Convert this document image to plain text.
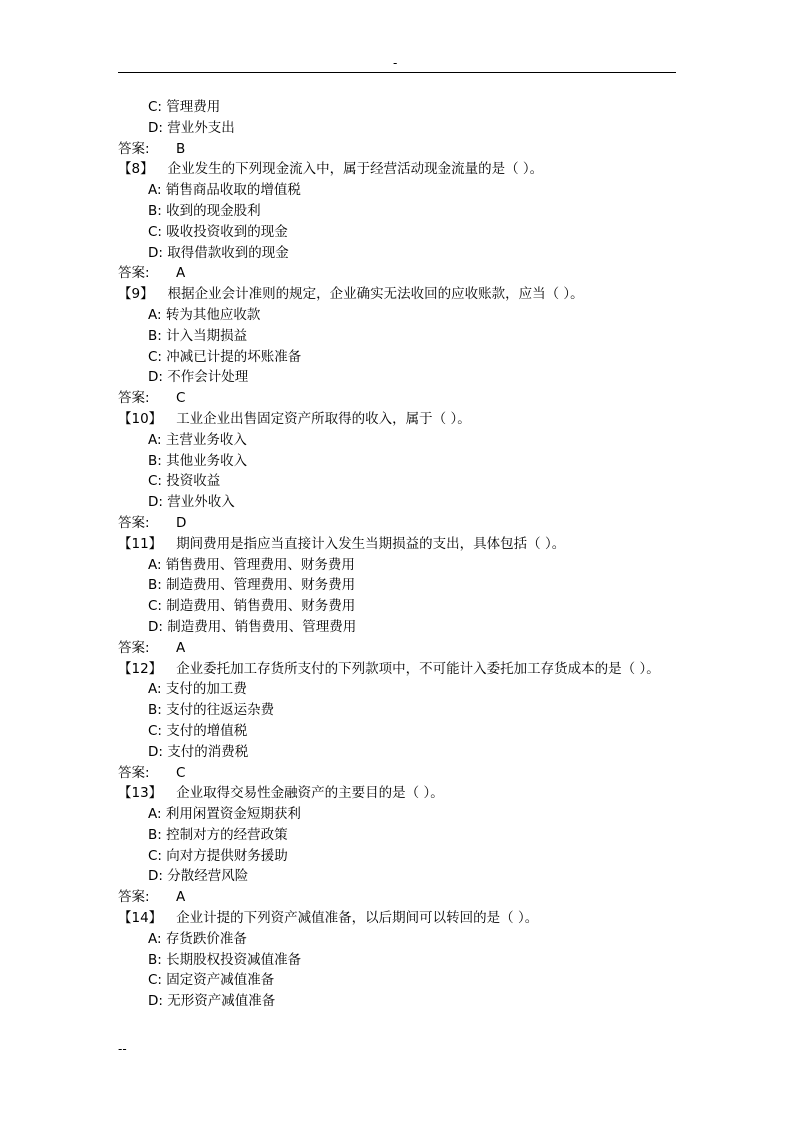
-
C: 管理费用
D: 营业外支出
答案: B
【8】 企业发生的下列现金流入中，属于经营活动现金流量的是（ ）。
A: 销售商品收取的增值税
B: 收到的现金股利
C: 吸收投资收到的现金
D: 取得借款收到的现金
答案: A
【9】 根据企业会计准则的规定，企业确实无法收回的应收账款，应当（ ）。
A: 转为其他应收款
B: 计入当期损益
C: 冲减已计提的坏账准备
D: 不作会计处理
答案: C
【10】 工业企业出售固定资产所取得的收入，属于（ ）。
A: 主营业务收入
B: 其他业务收入
C: 投资收益
D: 营业外收入
答案: D
【11】 期间费用是指应当直接计入发生当期损益的支出，具体包括（ ）。
A: 销售费用、管理费用、财务费用
B: 制造费用、管理费用、财务费用
C: 制造费用、销售费用、财务费用
D: 制造费用、销售费用、管理费用
答案: A
【12】 企业委托加工存货所支付的下列款项中，不可能计入委托加工存货成本的是（ ）。
A: 支付的加工费
B: 支付的往返运杂费
C: 支付的增值税
D: 支付的消费税
答案: C
【13】 企业取得交易性金融资产的主要目的是（ ）。
A: 利用闲置资金短期获利
B: 控制对方的经营政策
C: 向对方提供财务援助
D: 分散经营风险
答案: A
【14】 企业计提的下列资产减值准备，以后期间可以转回的是（ ）。
A: 存货跌价准备
B: 长期股权投资减值准备
C: 固定资产减值准备
D: 无形资产减值准备
--
